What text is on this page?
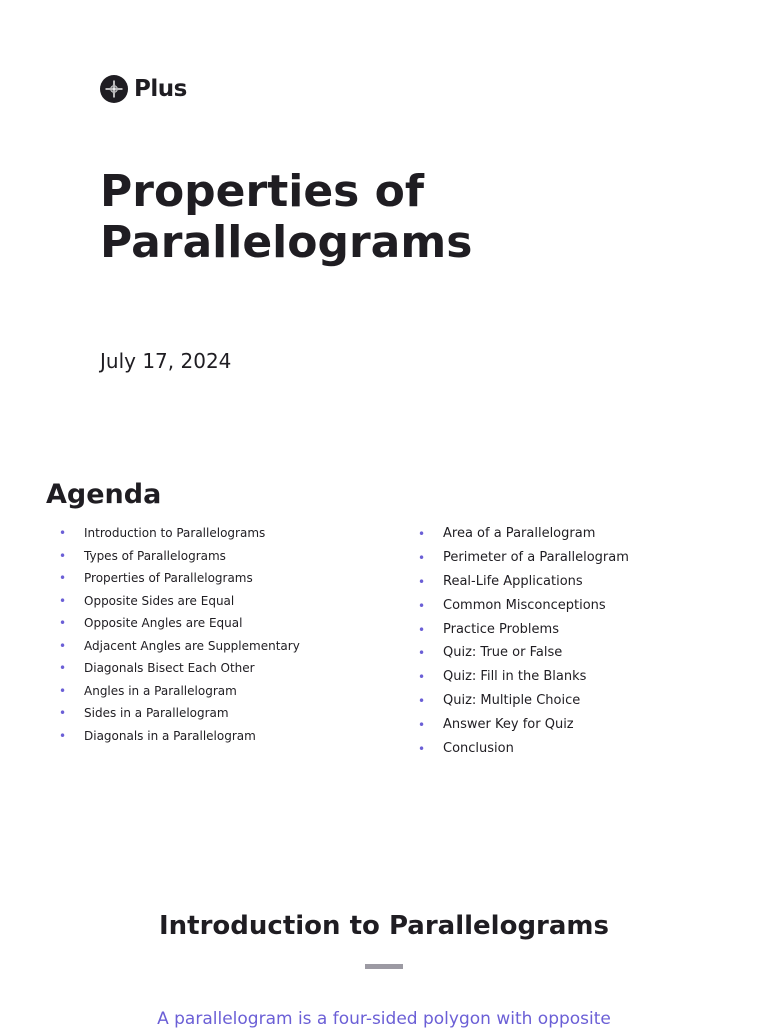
Plus
Properties of Parallelograms
July 17, 2024
Agenda
• Introduction to Parallelograms
• Types of Parallelograms
• Properties of Parallelograms
• Opposite Sides are Equal
• Opposite Angles are Equal
• Adjacent Angles are Supplementary
• Diagonals Bisect Each Other
• Angles in a Parallelogram
• Sides in a Parallelogram
• Diagonals in a Parallelogram
• Area of a Parallelogram
• Perimeter of a Parallelogram
• Real-Life Applications
• Common Misconceptions
• Practice Problems
• Quiz: True or False
• Quiz: Fill in the Blanks
• Quiz: Multiple Choice
• Answer Key for Quiz
• Conclusion
Introduction to Parallelograms

A parallelogram is a four-sided polygon with opposite
